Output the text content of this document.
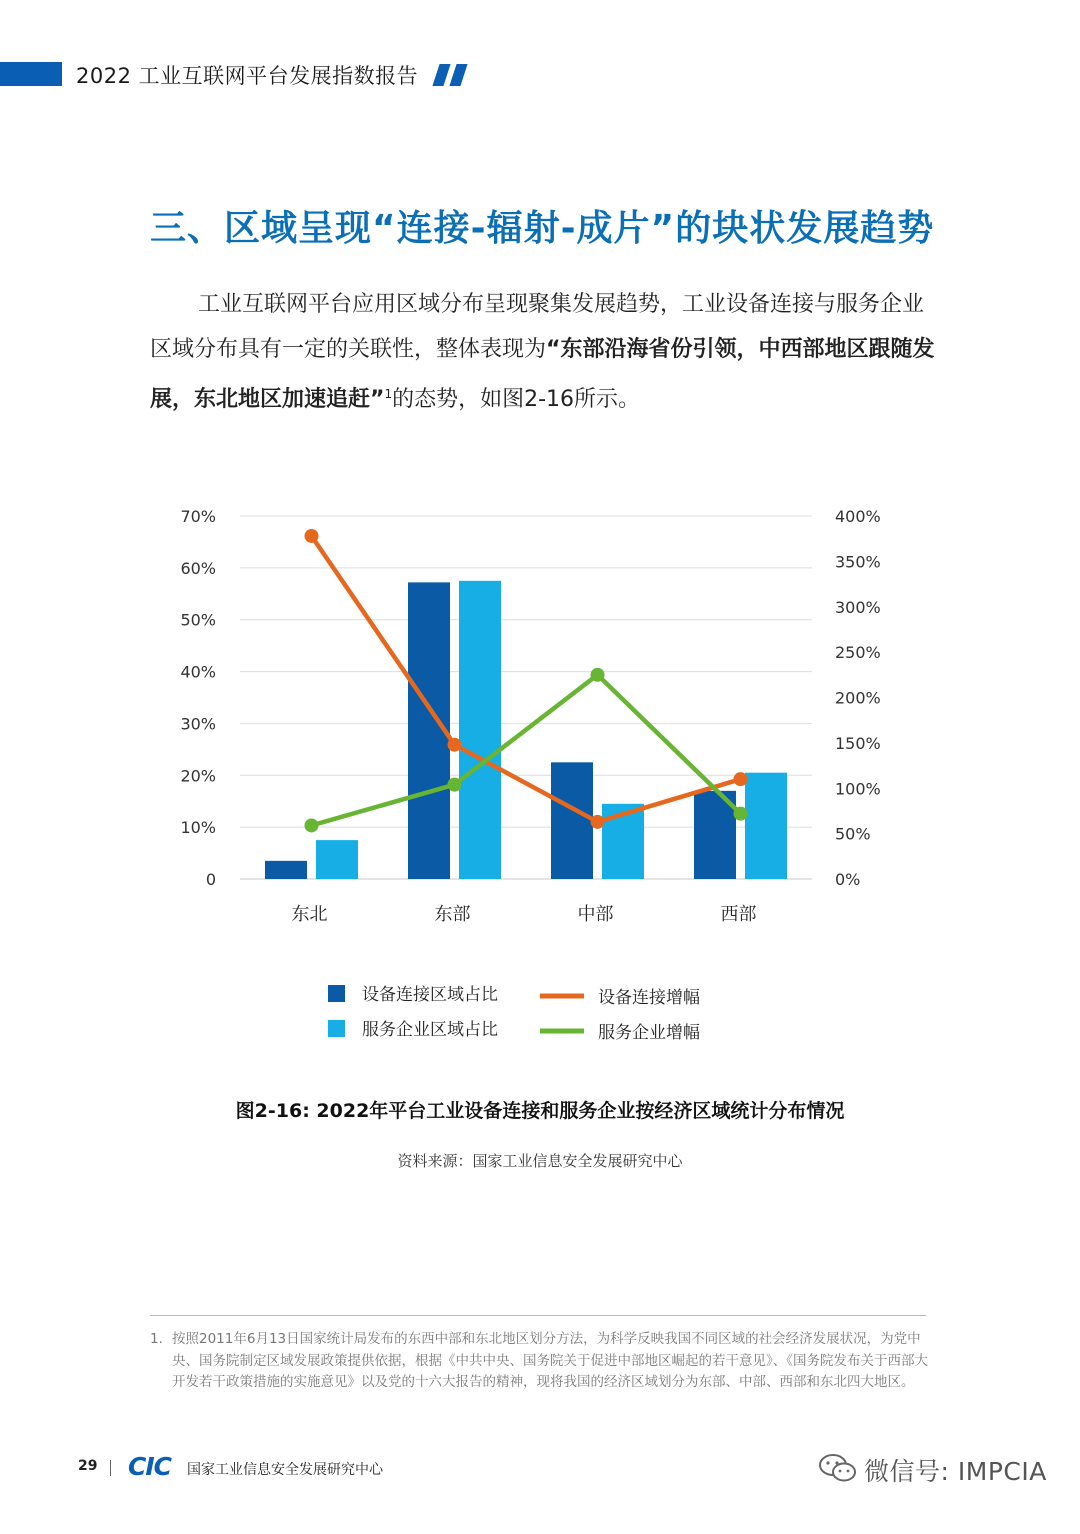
2022 工业互联网平台发展指数报告
三、区域呈现“连接-辐射-成片”的块状发展趋势
工业互联网平台应用区域分布呈现聚集发展趋势，工业设备连接与服务企业区域分布具有一定的关联性，整体表现为“东部沿海省份引领，中西部地区跟随发展，东北地区加速追赶”$^1$的态势，如图2-16所示。
0
10%
20%
30%
40%
50%
60%
70%
0%
50%
100%
150%
200%
250%
300%
350%
400%
东北	东部	中部	西部
设备连接区域占比
服务企业区域占比
设备连接增幅
服务企业增幅
图2-16: 2022年平台工业设备连接和服务企业按经济区域统计分布情况
资料来源：国家工业信息安全发展研究中心
1. 按照2011年6月13日国家统计局发布的东西中部和东北地区划分方法，为科学反映我国不同区域的社会经济发展状况，为党中央、国务院制定区域发展政策提供依据，根据《中共中央、国务院关于促进中部地区崛起的若干意见》、《国务院发布关于西部大开发若干政策措施的实施意见》以及党的十六大报告的精神，现将我国的经济区域划分为东部、中部、西部和东北四大地区。
29 CIC 国家工业信息安全发展研究中心	微信号: IMPCIA
